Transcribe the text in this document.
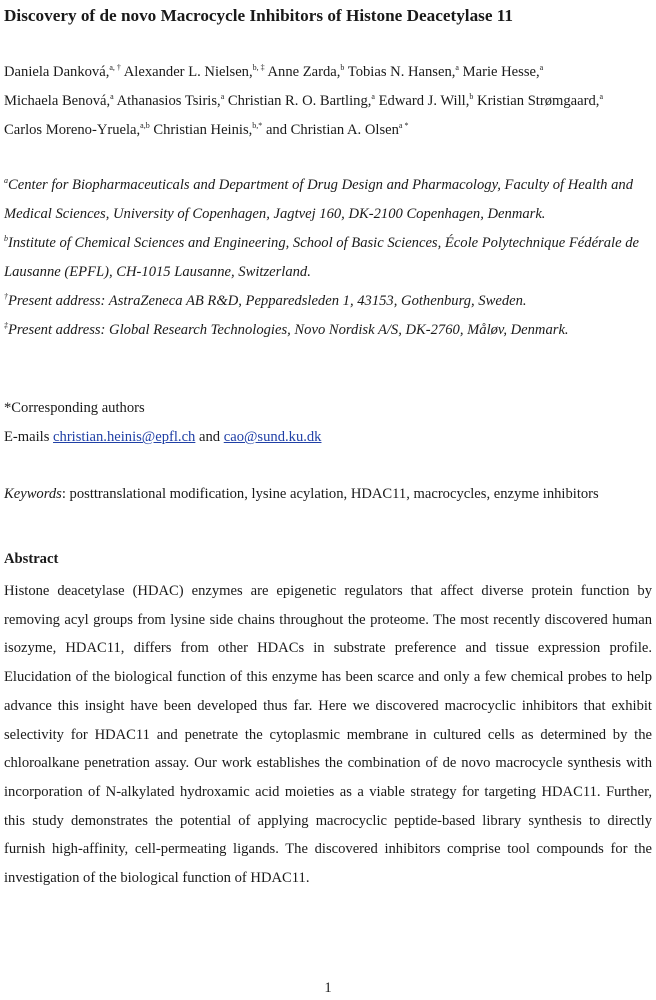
Discovery of de novo Macrocycle Inhibitors of Histone Deacetylase 11
Daniela Danková,$^{a, \dagger}$ Alexander L. Nielsen,$^{b, \ddagger}$ Anne Zarda,$^b$ Tobias N. Hansen,$^a$ Marie Hesse,$^a$
Michaela Benová,$^a$ Athanasios Tsiris,$^a$ Christian R. O. Bartling,$^a$ Edward J. Will,$^b$ Kristian Strømgaard,$^a$ Carlos Moreno-Yruela,$^{a,b}$ Christian Heinis,$^{b,*}$ and Christian A. Olsen$^{a *}$

$^a$Center for Biopharmaceuticals and Department of Drug Design and Pharmacology, Faculty of Health and Medical Sciences, University of Copenhagen, Jagtvej 160, DK-2100 Copenhagen, Denmark.

$^b$Institute of Chemical Sciences and Engineering, School of Basic Sciences, École Polytechnique Fédérale de Lausanne (EPFL), CH-1015 Lausanne, Switzerland.

†Present address: AstraZeneca AB R&D, Pepparedsleden 1, 43153, Gothenburg, Sweden.

‡Present address: Global Research Technologies, Novo Nordisk A/S, DK-2760, Måløv, Denmark.

*Corresponding authors

E-mails christian.heinis@epfl.ch and cao@sund.ku.dk

Keywords: posttranslational modification, lysine acylation, HDAC11, macrocycles, enzyme inhibitors
Abstract

Histone deacetylase (HDAC) enzymes are epigenetic regulators that affect diverse protein function by removing acyl groups from lysine side chains throughout the proteome. The most recently discovered human isozyme, HDAC11, differs from other HDACs in substrate preference and tissue expression profile. Elucidation of the biological function of this enzyme has been scarce and only a few chemical probes to help advance this insight have been developed thus far. Here we discovered macrocyclic inhibitors that exhibit selectivity for HDAC11 and penetrate the cytoplasmic membrane in cultured cells as determined by the chloroalkane penetration assay. Our work establishes the combination of de novo macrocycle synthesis with incorporation of N-alkylated hydroxamic acid moieties as a viable strategy for targeting HDAC11. Further, this study demonstrates the potential of applying macrocyclic peptide-based library synthesis to directly furnish high-affinity, cell-permeating ligands. The discovered inhibitors comprise tool compounds for the investigation of the biological function of HDAC11.

1
